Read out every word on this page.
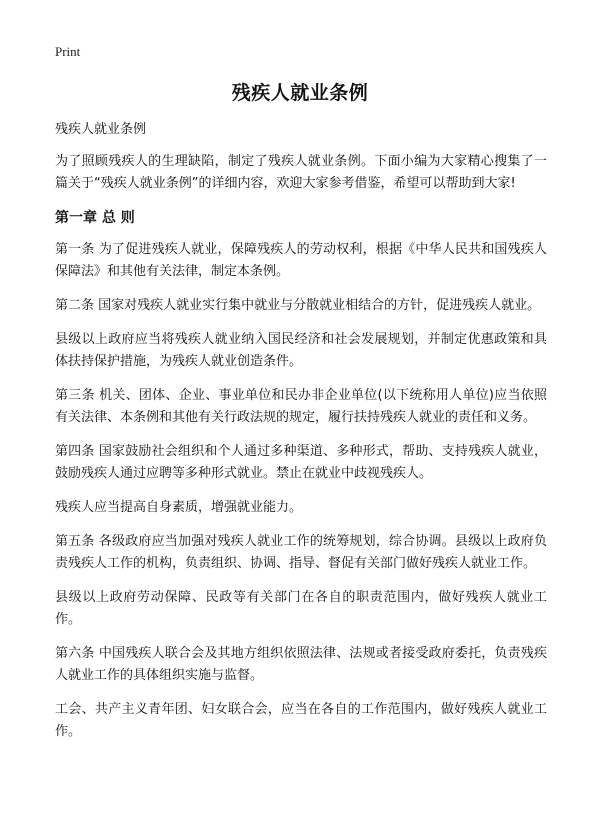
Print
残疾人就业条例

残疾人就业条例

为了照顾残疾人的生理缺陷，制定了残疾人就业条例。下面小编为大家精心搜集了一篇关于“残疾人就业条例”的详细内容，欢迎大家参考借鉴，希望可以帮助到大家!

第一章 总 则

第一条 为了促进残疾人就业，保障残疾人的劳动权利，根据《中华人民共和国残疾人保障法》和其他有关法律，制定本条例。

第二条 国家对残疾人就业实行集中就业与分散就业相结合的方针，促进残疾人就业。

县级以上政府应当将残疾人就业纳入国民经济和社会发展规划，并制定优惠政策和具体扶持保护措施，为残疾人就业创造条件。

第三条 机关、团体、企业、事业单位和民办非企业单位(以下统称用人单位)应当依照有关法律、本条例和其他有关行政法规的规定，履行扶持残疾人就业的责任和义务。

第四条 国家鼓励社会组织和个人通过多种渠道、多种形式，帮助、支持残疾人就业，鼓励残疾人通过应聘等多种形式就业。禁止在就业中歧视残疾人。

残疾人应当提高自身素质，增强就业能力。

第五条 各级政府应当加强对残疾人就业工作的统筹规划，综合协调。县级以上政府负责残疾人工作的机构，负责组织、协调、指导、督促有关部门做好残疾人就业工作。

县级以上政府劳动保障、民政等有关部门在各自的职责范围内，做好残疾人就业工作。

第六条 中国残疾人联合会及其地方组织依照法律、法规或者接受政府委托，负责残疾人就业工作的具体组织实施与监督。

工会、共产主义青年团、妇女联合会，应当在各自的工作范围内，做好残疾人就业工作。
